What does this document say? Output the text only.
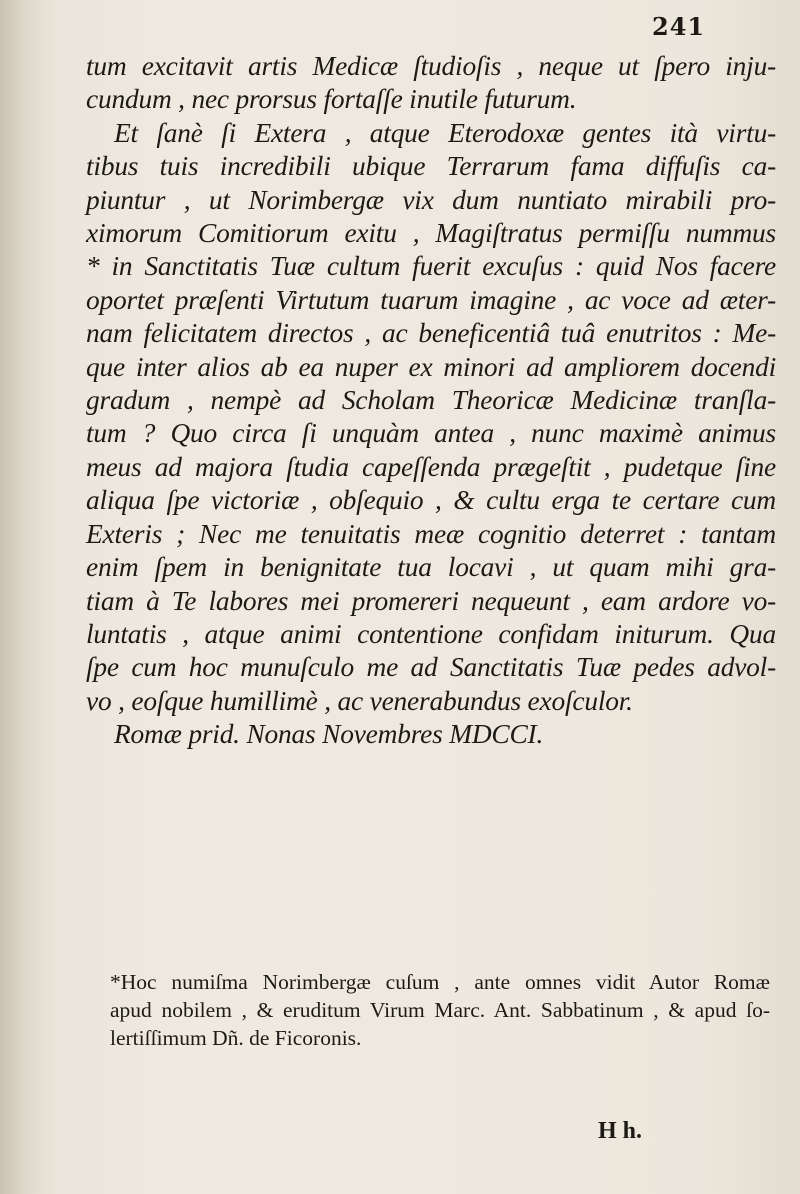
241
tum excitavit artis Medicæ ſtudioſis , neque ut ſpero inju-
cundum , nec prorsus fortaſſe inutile futurum.
Et ſanè ſi Extera , atque Eterodoxæ gentes ità virtu-
tibus tuis incredibili ubique Terrarum fama diffuſis ca-
piuntur , ut Norimbergæ vix dum nuntiato mirabili pro-
ximorum Comitiorum exitu , Magiſtratus permiſſu nummus
* in Sanctitatis Tuæ cultum fuerit excuſus : quid Nos facere
oportet præſenti Virtutum tuarum imagine , ac voce ad æter-
nam felicitatem directos , ac beneficentiâ tuâ enutritos : Me-
que inter alios ab ea nuper ex minori ad ampliorem docendi
gradum , nempè ad Scholam Theoricæ Medicinæ tranſla-
tum ? Quo circa ſi unquàm antea , nunc maximè animus
meus ad majora ſtudia capeſſenda prægeſtit , pudetque ſine
aliqua ſpe victoriæ , obſequio , & cultu erga te certare cum
Exteris ; Nec me tenuitatis meæ cognitio deterret : tantam
enim ſpem in benignitate tua locavi , ut quam mihi gra-
tiam à Te labores mei promereri nequeunt , eam ardore vo-
luntatis , atque animi contentione confidam initurum. Qua
ſpe cum hoc munuſculo me ad Sanctitatis Tuæ pedes advol-
vo , eoſque humillimè , ac venerabundus exoſculor.
Romæ prid. Nonas Novembres MDCCI.
*Hoc numiſma Norimbergæ cuſum , ante omnes vidit Autor Romæ
apud nobilem , & eruditum Virum Marc. Ant. Sabbatinum , & apud ſo-
lertiſſimum Dñ. de Ficoronis.
H h.
